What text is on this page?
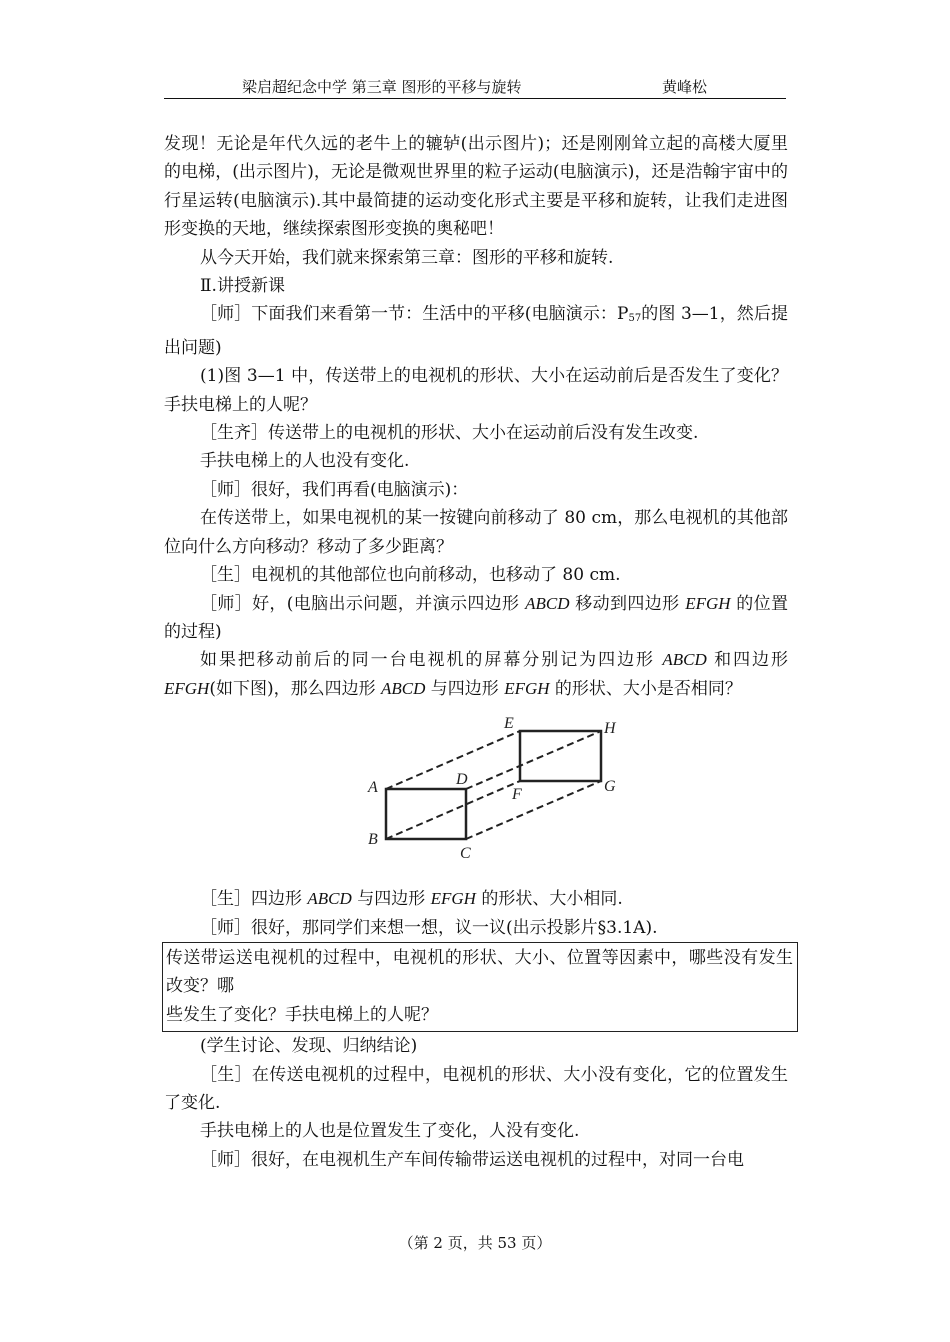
梁启超纪念中学 第三章 图形的平移与旋转	黄峰松

发现！无论是年代久远的老牛上的辘轳(出示图片)；还是刚刚耸立起的高楼大厦里的电梯，(出示图片)，无论是微观世界里的粒子运动(电脑演示)，还是浩翰宇宙中的行星运转(电脑演示).其中最简捷的运动变化形式主要是平移和旋转，让我们走进图形变换的天地，继续探索图形变换的奥秘吧！

从今天开始，我们就来探索第三章：图形的平移和旋转.

Ⅱ.讲授新课

［师］下面我们来看第一节：生活中的平移(电脑演示：$P_{57}$的图 3—1，然后提出问题)

(1)图 3—1 中，传送带上的电视机的形状、大小在运动前后是否发生了变化？手扶电梯上的人呢？

［生齐］传送带上的电视机的形状、大小在运动前后没有发生改变.

手扶电梯上的人也没有变化.

［师］很好，我们再看(电脑演示)：

在传送带上，如果电视机的某一按键向前移动了 80 cm，那么电视机的其他部位向什么方向移动？移动了多少距离？

［生］电视机的其他部位也向前移动，也移动了 80 cm.

［师］好，(电脑出示问题，并演示四边形 ABCD 移动到四边形 EFGH 的位置的过程)

如果把移动前后的同一台电视机的屏幕分别记为四边形 ABCD 和四边形 EFGH(如下图)，那么四边形 ABCD 与四边形 EFGH 的形状、大小是否相同？

A
B
C
D
E
F	G
H

［生］四边形 ABCD 与四边形 EFGH 的形状、大小相同.

［师］很好，那同学们来想一想，议一议(出示投影片§3.1A).

传送带运送电视机的过程中，电视机的形状、大小、位置等因素中，哪些没有发生改变？哪

些发生了变化？手扶电梯上的人呢？

(学生讨论、发现、归纳结论)

［生］在传送电视机的过程中，电视机的形状、大小没有变化，它的位置发生了变化.

手扶电梯上的人也是位置发生了变化，人没有变化.

［师］很好，在电视机生产车间传输带运送电视机的过程中，对同一台电

（第 2 页，共 53 页）
